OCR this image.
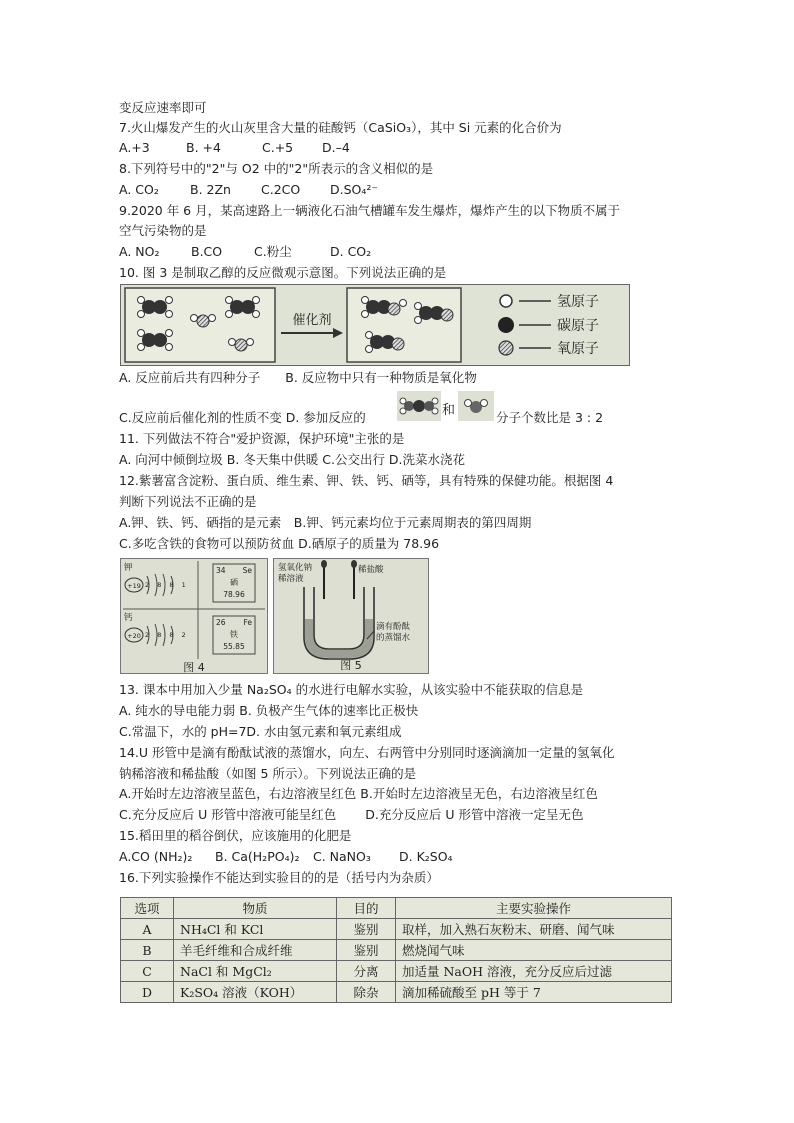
变反应速率即可
7.火山爆发产生的火山灰里含大量的硅酸钙（CaSiO₃），其中 Si 元素的化合价为
A.+3	B. +4	C.+5 D.–4
8.下列符号中的"2"与 O2 中的"2"所表示的含义相似的是
A. CO₂ B. 2Zn C.2CO D.SO₄²⁻
9.2020 年 6 月，某高速路上一辆液化石油气槽罐车发生爆炸，爆炸产生的以下物质不属于
空气污染物的是
A. NO₂	B.CO	C.粉尘	D. CO₂
10. 图 3 是制取乙醇的反应微观示意图。下列说法正确的是
催化剂
氢原子
碳原子
氧原子
A. 反应前后共有四种分子　　B. 反应物中只有一种物质是氧化物
C.反应前后催化剂的性质不变 D. 参加反应的	和	分子个数比是 3 : 2
11. 下列做法不符合"爱护资源，保护环境"主张的是
A. 向河中倾倒垃圾 B. 冬天集中供暖 C.公交出行 D.洗菜水浇花
12.紫薯富含淀粉、蛋白质、维生素、钾、铁、钙、硒等，具有特殊的保健功能。根据图 4
判断下列说法不正确的是
A.钾、铁、钙、硒指的是元素　B.钾、钙元素均位于元素周期表的第四周期
C.多吃含铁的食物可以预防贫血 D.硒原子的质量为 78.96
钾
+19 2 8 8 1
钙
+20 2 8 8 2
34 Se
硒
78.96
26 Fe
铁
55.85
图 4
氢氧化钠
稀溶液
稀盐酸
滴有酚酞
的蒸馏水
图 5
13. 课本中用加入少量 Na₂SO₄ 的水进行电解水实验，从该实验中不能获取的信息是
A. 纯水的导电能力弱 B. 负极产生气体的速率比正极快
C.常温下，水的 pH=7D. 水由氢元素和氧元素组成
14.U 形管中是滴有酚酞试液的蒸馏水，向左、右两管中分别同时逐滴滴加一定量的氢氧化
钠稀溶液和稀盐酸（如图 5 所示）。下列说法正确的是
A.开始时左边溶液呈蓝色，右边溶液呈红色 B.开始时左边溶液呈无色，右边溶液呈红色
C.充分反应后 U 形管中溶液可能呈红色　　 D.充分反应后 U 形管中溶液一定呈无色
15.稻田里的稻谷倒伏，应该施用的化肥是
A.CO (NH₂)₂ B. Ca(H₂PO₄)₂ C. NaNO₃ D. K₂SO₄
16.下列实验操作不能达到实验目的的是（括号内为杂质）
选项	物质	目的	主要实验操作
A	NH₄Cl 和 KCl	鉴别	取样，加入熟石灰粉末、研磨、闻气味
B	羊毛纤维和合成纤维	鉴别	燃烧闻气味
C	NaCl 和 MgCl₂	分离	加适量 NaOH 溶液，充分反应后过滤
D	K₂SO₄ 溶液（KOH）	除杂	滴加稀硫酸至 pH 等于 7
